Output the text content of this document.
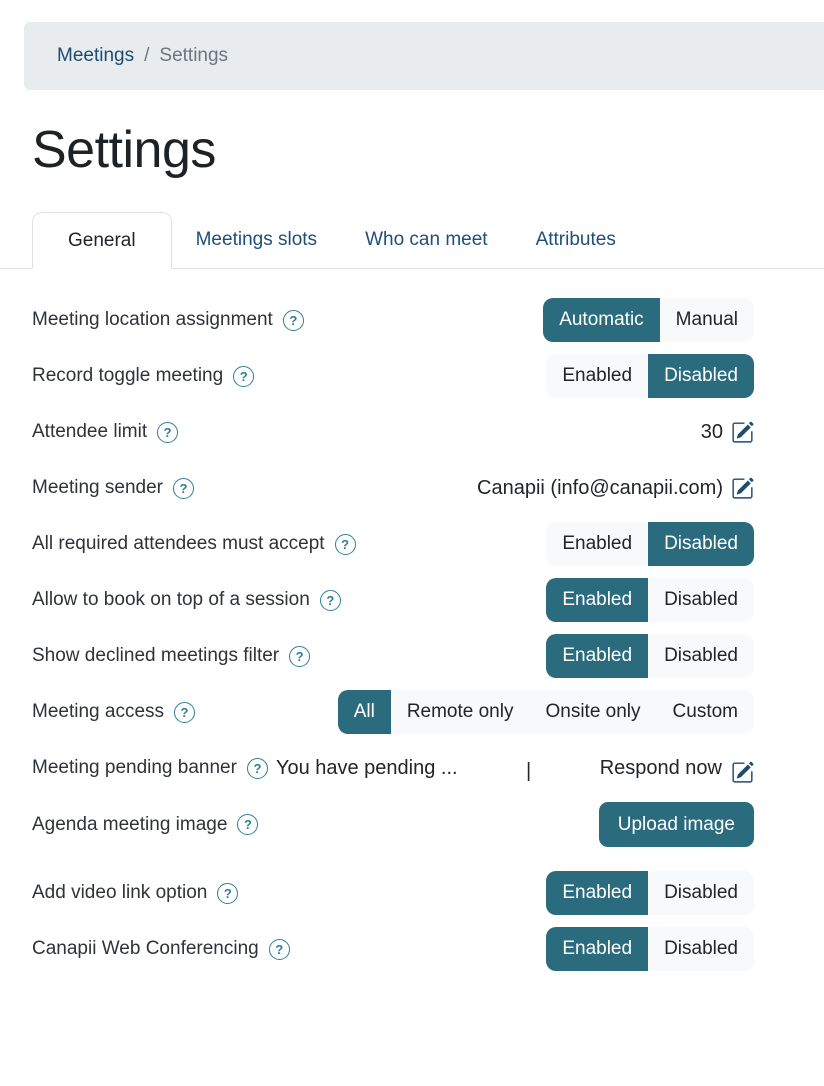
Meetings / Settings
Settings
General	Meetings slots	Who can meet	Attributes
Meeting location assignment	?	Automatic	Manual
Record toggle meeting	?	Enabled	Disabled
Attendee limit	?	30
Meeting sender	?	Canapii (info@canapii.com)
All required attendees must accept	?	Enabled	Disabled
Allow to book on top of a session	?	Enabled	Disabled
Show declined meetings filter	?	Enabled	Disabled
Meeting access	?	All	Remote only	Onsite only	Custom
Meeting pending banner	? You have pending ...	|	Respond now
Agenda meeting image	?	Upload image
Add video link option	?	Enabled	Disabled
Canapii Web Conferencing	?	Enabled	Disabled
